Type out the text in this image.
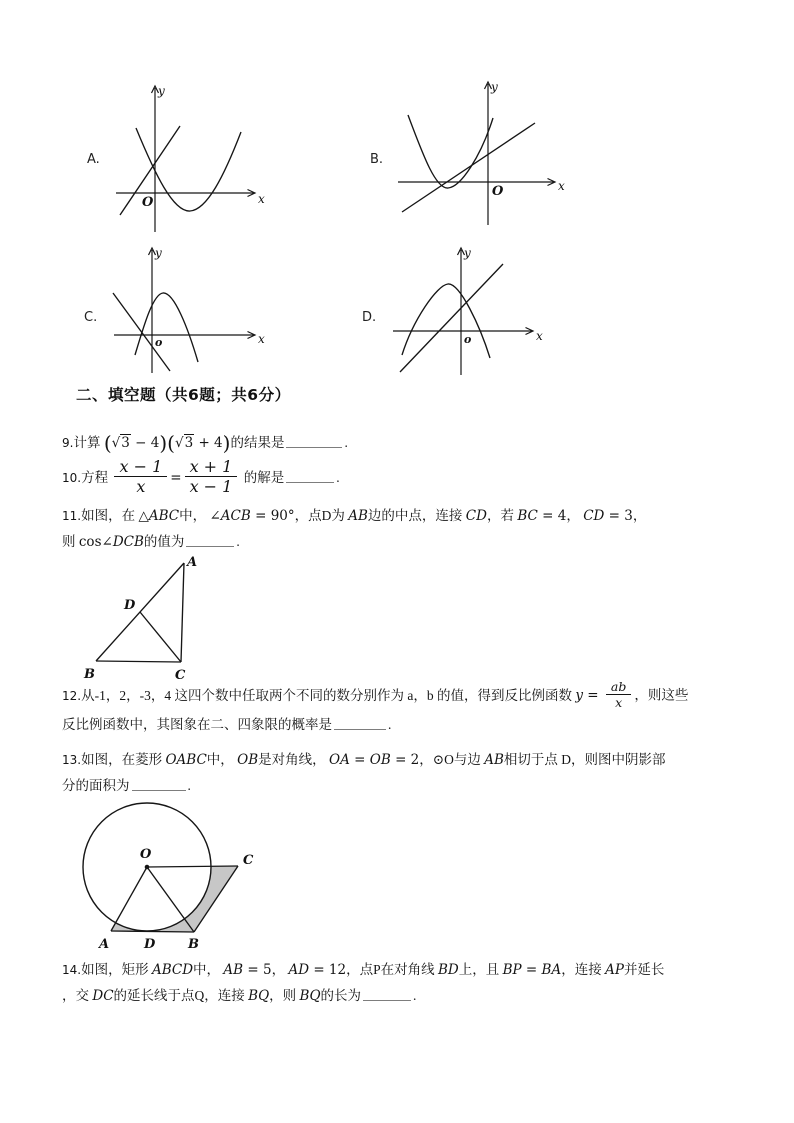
A.
y
x
O
B.
y
x
O
C.
y
x
o
D.
y
x
o
二、填空题（共6题；共6分）
9.计算 (√3 − 4)(√3 + 4)的结果是	.
10.方程 $\frac{x - 1}{x} = \frac{x + 1}{x - 1}$ 的解是	.
11.如图，在 △ABC中， ∠ACB = 90°，点D为 AB边的中点，连接 CD，若 BC = 4， CD = 3，
则 cos∠DCB的值为	.
A
B	C
D
12.从-1，2，-3，4 这四个数中任取两个不同的数分别作为 a，b 的值，得到反比例函数 $y = \frac{ab}{x}$ ，则这些
反比例函数中，其图象在二、四象限的概率是	.
13.如图，在菱形 OABC中， OB是对角线， OA = OB = 2，⊙O与边 AB相切于点 D，则图中阴影部
分的面积为	.
O
A	D	B
C
14.如图，矩形 ABCD中， AB = 5， AD = 12，点P在对角线 BD上，且 BP = BA，连接 AP并延长
，交 DC的延长线于点Q，连接 BQ，则 BQ的长为	.
